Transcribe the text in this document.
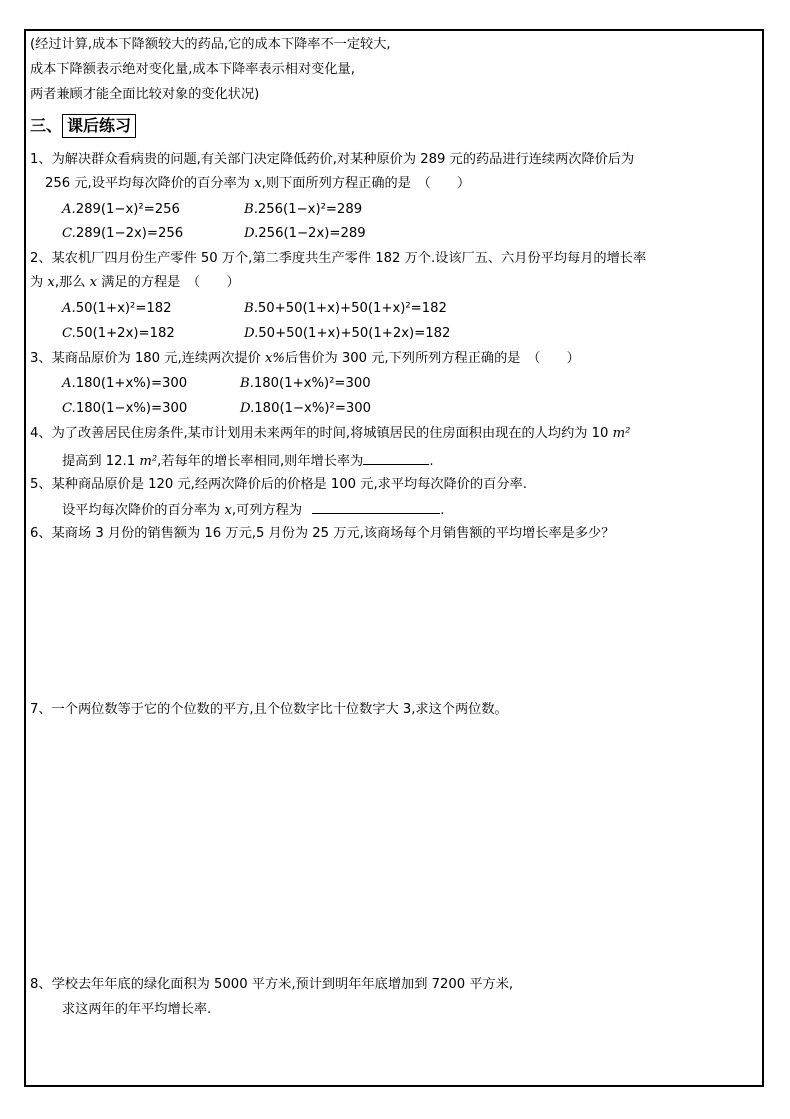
(经过计算,成本下降额较大的药品,它的成本下降率不一定较大,
成本下降额表示绝对变化量,成本下降率表示相对变化量,
两者兼顾才能全面比较对象的变化状况)
三、 课后练习
1、为解决群众看病贵的问题,有关部门决定降低药价,对某种原价为 289 元的药品进行连续两次降价后为
256 元,设平均每次降价的百分率为 x,则下面所列方程正确的是　（　　）
A.289(1−x)²=256	B.256(1−x)²=289
C.289(1−2x)=256	D.256(1−2x)=289
2、某农机厂四月份生产零件 50 万个,第二季度共生产零件 182 万个.设该厂五、六月份平均每月的增长率
为 x,那么 x 满足的方程是　（　　）
A.50(1+x)²=182	B.50+50(1+x)+50(1+x)²=182
C.50(1+2x)=182	D.50+50(1+x)+50(1+2x)=182
3、某商品原价为 180 元,连续两次提价 x%后售价为 300 元,下列所列方程正确的是　（　　）
A.180(1+x%)=300	B.180(1+x%)²=300
C.180(1−x%)=300	D.180(1−x%)²=300
4、为了改善居民住房条件,某市计划用未来两年的时间,将城镇居民的住房面积由现在的人均约为 10 m²
提高到 12.1 m²,若每年的增长率相同,则年增长率为	.
5、某种商品原价是 120 元,经两次降价后的价格是 100 元,求平均每次降价的百分率.
设平均每次降价的百分率为 x,可列方程为	.
6、某商场 3 月份的销售额为 16 万元,5 月份为 25 万元,该商场每个月销售额的平均增长率是多少？
7、一个两位数等于它的个位数的平方,且个位数字比十位数字大 3,求这个两位数。
8、学校去年年底的绿化面积为 5000 平方米,预计到明年年底增加到 7200 平方米,
求这两年的年平均增长率.
